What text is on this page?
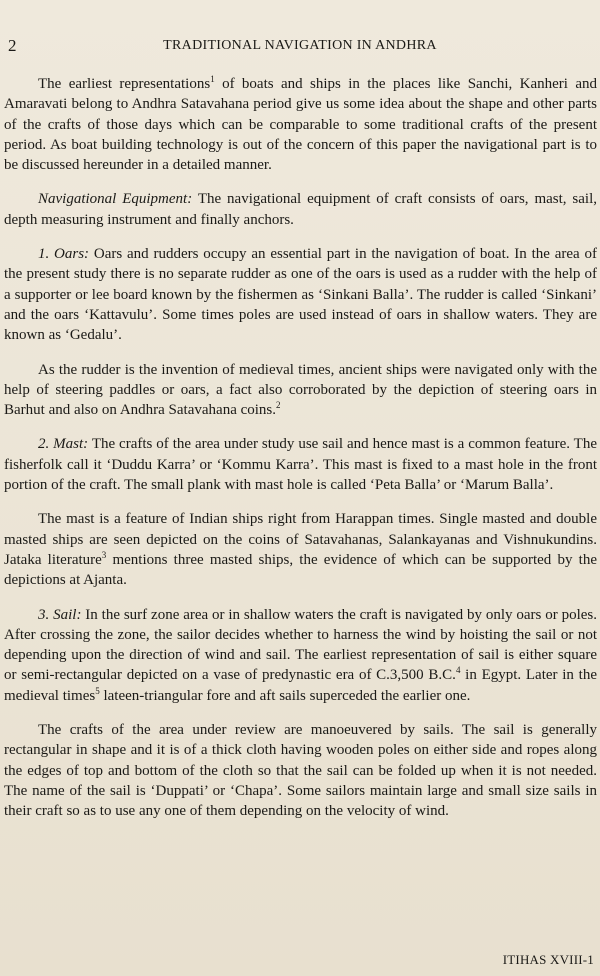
2	TRADITIONAL NAVIGATION IN ANDHRA

The earliest representations$^1$ of boats and ships in the places like Sanchi, Kanheri and Amaravati belong to Andhra Satavahana period give us some idea about the shape and other parts of the crafts of those days which can be comparable to some traditional crafts of the present period. As boat building technology is out of the concern of this paper the navigational part is to be discussed hereunder in a detailed manner.

Navigational Equipment: The navigational equipment of craft consists of oars, mast, sail, depth measuring instrument and finally anchors.

1. Oars: Oars and rudders occupy an essential part in the navigation of boat. In the area of the present study there is no separate rudder as one of the oars is used as a rudder with the help of a supporter or lee board known by the fishermen as ‘Sinkani Balla’. The rudder is called ‘Sinkani’ and the oars ‘Kattavulu’. Some times poles are used instead of oars in shallow waters. They are known as ‘Gedalu’.

As the rudder is the invention of medieval times, ancient ships were navigated only with the help of steering paddles or oars, a fact also corroborated by the depiction of steering oars in Barhut and also on Andhra Satavahana coins.$^2$

2. Mast: The crafts of the area under study use sail and hence mast is a common feature. The fisherfolk call it ‘Duddu Karra’ or ‘Kommu Karra’. This mast is fixed to a mast hole in the front portion of the craft. The small plank with mast hole is called ‘Peta Balla’ or ‘Marum Balla’.

The mast is a feature of Indian ships right from Harappan times. Single masted and double masted ships are seen depicted on the coins of Satavahanas, Salankayanas and Vishnukundins. Jataka literature$^3$ mentions three masted ships, the evidence of which can be supported by the depictions at Ajanta.

3. Sail: In the surf zone area or in shallow waters the craft is navigated by only oars or poles. After crossing the zone, the sailor decides whether to harness the wind by hoisting the sail or not depending upon the direction of wind and sail. The earliest representation of sail is either square or semi-rectangular depicted on a vase of predynastic era of C.3,500 B.C.$^4$ in Egypt. Later in the medieval times$^5$ lateen-triangular fore and aft sails superceded the earlier one.

The crafts of the area under review are manoeuvered by sails. The sail is generally rectangular in shape and it is of a thick cloth having wooden poles on either side and ropes along the edges of top and bottom of the cloth so that the sail can be folded up when it is not needed. The name of the sail is ‘Duppati’ or ‘Chapa’. Some sailors maintain large and small size sails in their craft so as to use any one of them depending on the velocity of wind.

ITIHAS XVIII-1
